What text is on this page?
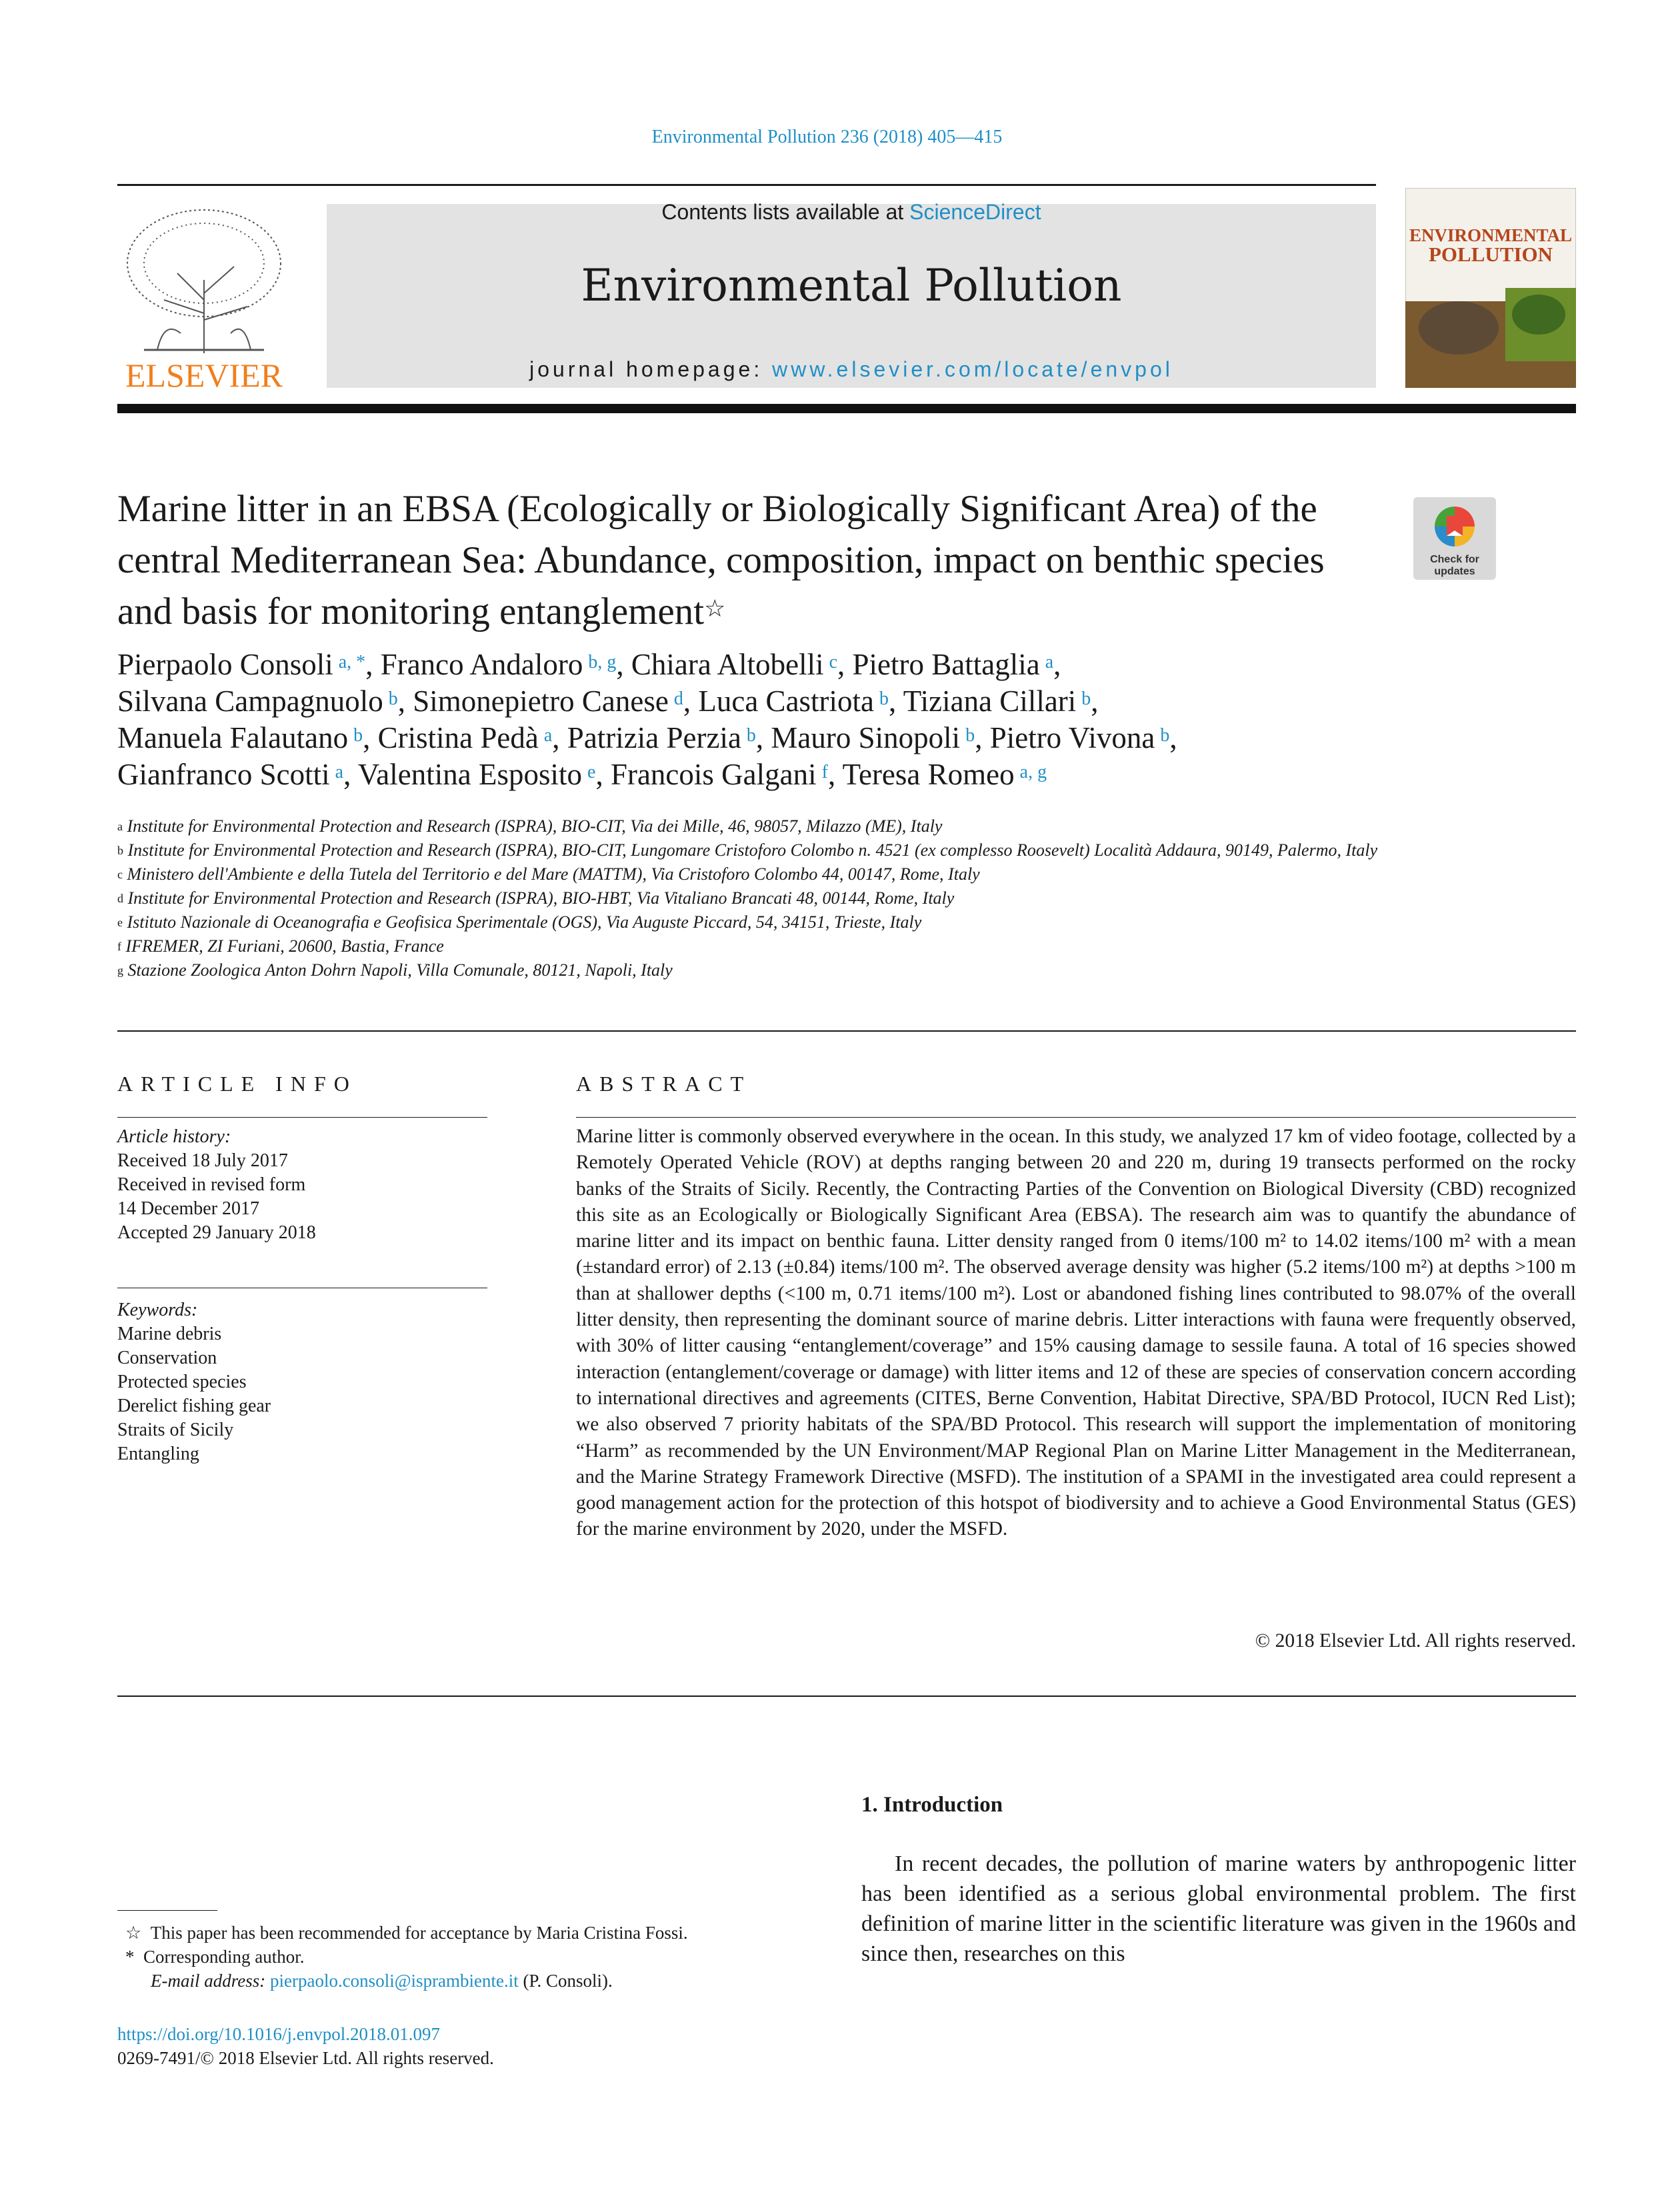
Environmental Pollution 236 (2018) 405—415
ELSEVIER
Contents lists available at ScienceDirect
Environmental Pollution
journal homepage: www.elsevier.com/locate/envpol
ENVIRONMENTAL
POLLUTION
Marine litter in an EBSA (Ecologically or Biologically Significant Area) of the central Mediterranean Sea: Abundance, composition, impact on benthic species and basis for monitoring entanglement☆
Check for
updates
Pierpaolo Consoli $^{a, *}$, Franco Andaloro $^{b, g}$, Chiara Altobelli $^c$, Pietro Battaglia $^a$,
Silvana Campagnuolo $^b$, Simonepietro Canese $^d$, Luca Castriota $^b$, Tiziana Cillari $^b$,
Manuela Falautano $^b$, Cristina Pedà $^a$, Patrizia Perzia $^b$, Mauro Sinopoli $^b$, Pietro Vivona $^b$,
Gianfranco Scotti $^a$, Valentina Esposito $^e$, Francois Galgani $^f$, Teresa Romeo $^{a, g}$
$^a$ Institute for Environmental Protection and Research (ISPRA), BIO-CIT, Via dei Mille, 46, 98057, Milazzo (ME), Italy
$^b$ Institute for Environmental Protection and Research (ISPRA), BIO-CIT, Lungomare Cristoforo Colombo n. 4521 (ex complesso Roosevelt) Località Addaura, 90149, Palermo, Italy
$^c$ Ministero dell'Ambiente e della Tutela del Territorio e del Mare (MATTM), Via Cristoforo Colombo 44, 00147, Rome, Italy
$^d$ Institute for Environmental Protection and Research (ISPRA), BIO-HBT, Via Vitaliano Brancati 48, 00144, Rome, Italy
$^e$ Istituto Nazionale di Oceanografia e Geofisica Sperimentale (OGS), Via Auguste Piccard, 54, 34151, Trieste, Italy
$^f$ IFREMER, ZI Furiani, 20600, Bastia, France
$^g$ Stazione Zoologica Anton Dohrn Napoli, Villa Comunale, 80121, Napoli, Italy
ARTICLE INFO
Article history:
Received 18 July 2017
Received in revised form
14 December 2017
Accepted 29 January 2018
Keywords:
Marine debris
Conservation
Protected species
Derelict fishing gear
Straits of Sicily
Entangling
ABSTRACT
Marine litter is commonly observed everywhere in the ocean. In this study, we analyzed 17 km of video footage, collected by a Remotely Operated Vehicle (ROV) at depths ranging between 20 and 220 m, during 19 transects performed on the rocky banks of the Straits of Sicily. Recently, the Contracting Parties of the Convention on Biological Diversity (CBD) recognized this site as an Ecologically or Biologically Significant Area (EBSA). The research aim was to quantify the abundance of marine litter and its impact on benthic fauna. Litter density ranged from 0 items/100 m² to 14.02 items/100 m² with a mean (±standard error) of 2.13 (±0.84) items/100 m². The observed average density was higher (5.2 items/100 m²) at depths >100 m than at shallower depths (<100 m, 0.71 items/100 m²). Lost or abandoned fishing lines contributed to 98.07% of the overall litter density, then representing the dominant source of marine debris. Litter interactions with fauna were frequently observed, with 30% of litter causing “entanglement/coverage” and 15% causing damage to sessile fauna. A total of 16 species showed interaction (entanglement/coverage or damage) with litter items and 12 of these are species of conservation concern according to international directives and agreements (CITES, Berne Convention, Habitat Directive, SPA/BD Protocol, IUCN Red List); we also observed 7 priority habitats of the SPA/BD Protocol. This research will support the implementation of monitoring “Harm” as recommended by the UN Environment/MAP Regional Plan on Marine Litter Management in the Mediterranean, and the Marine Strategy Framework Directive (MSFD). The institution of a SPAMI in the investigated area could represent a good management action for the protection of this hotspot of biodiversity and to achieve a Good Environmental Status (GES) for the marine environment by 2020, under the MSFD.
© 2018 Elsevier Ltd. All rights reserved.
1. Introduction
In recent decades, the pollution of marine waters by anthropogenic litter has been identified as a serious global environmental problem. The first definition of marine litter in the scientific literature was given in the 1960s and since then, researches on this
☆ This paper has been recommended for acceptance by Maria Cristina Fossi.
* Corresponding author.
E-mail address: pierpaolo.consoli@isprambiente.it (P. Consoli).
https://doi.org/10.1016/j.envpol.2018.01.097
0269-7491/© 2018 Elsevier Ltd. All rights reserved.
